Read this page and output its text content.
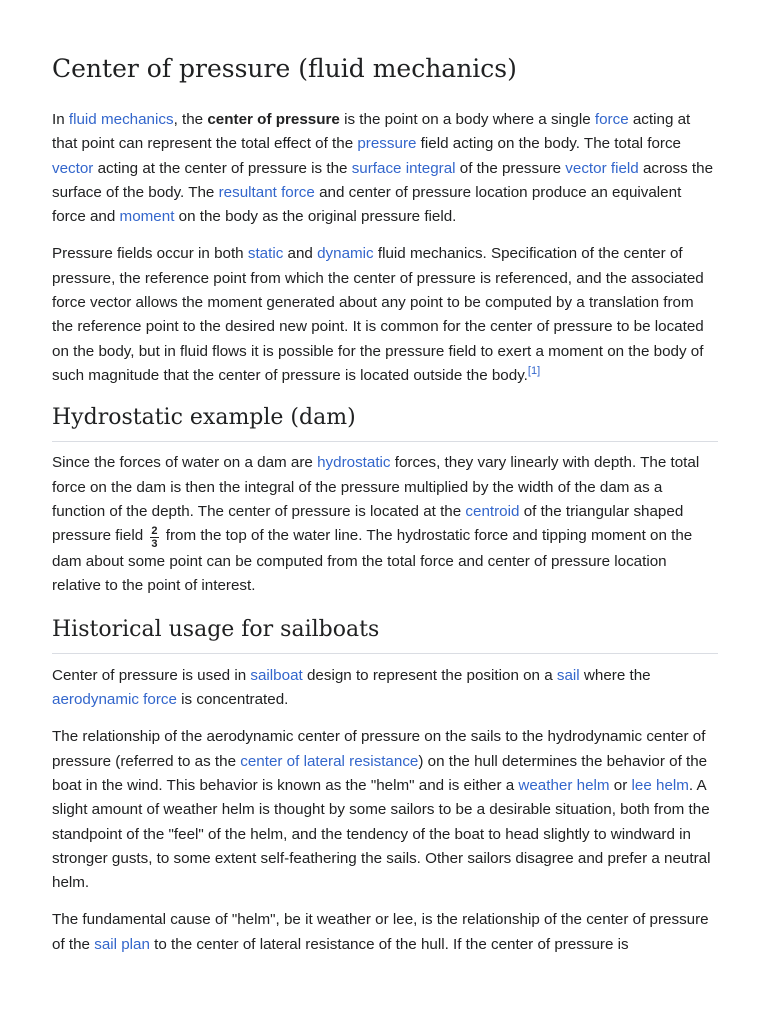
Center of pressure (fluid mechanics)

In fluid mechanics, the center of pressure is the point on a body where a single force acting at that point can represent the total effect of the pressure field acting on the body. The total force vector acting at the center of pressure is the surface integral of the pressure vector field across the surface of the body. The resultant force and center of pressure location produce an equivalent force and moment on the body as the original pressure field.

Pressure fields occur in both static and dynamic fluid mechanics. Specification of the center of pressure, the reference point from which the center of pressure is referenced, and the associated force vector allows the moment generated about any point to be computed by a translation from the reference point to the desired new point. It is common for the center of pressure to be located on the body, but in fluid flows it is possible for the pressure field to exert a moment on the body of such magnitude that the center of pressure is located outside the body.[1]

Hydrostatic example (dam)

Since the forces of water on a dam are hydrostatic forces, they vary linearly with depth. The total force on the dam is then the integral of the pressure multiplied by the width of the dam as a function of the depth. The center of pressure is located at the centroid of the triangular shaped pressure field $\frac{2}{3}$ from the top of the water line. The hydrostatic force and tipping moment on the dam about some point can be computed from the total force and center of pressure location relative to the point of interest.

Historical usage for sailboats

Center of pressure is used in sailboat design to represent the position on a sail where the aerodynamic force is concentrated.

The relationship of the aerodynamic center of pressure on the sails to the hydrodynamic center of pressure (referred to as the center of lateral resistance) on the hull determines the behavior of the boat in the wind. This behavior is known as the "helm" and is either a weather helm or lee helm. A slight amount of weather helm is thought by some sailors to be a desirable situation, both from the standpoint of the "feel" of the helm, and the tendency of the boat to head slightly to windward in stronger gusts, to some extent self-feathering the sails. Other sailors disagree and prefer a neutral helm.

The fundamental cause of "helm", be it weather or lee, is the relationship of the center of pressure of the sail plan to the center of lateral resistance of the hull. If the center of pressure is
